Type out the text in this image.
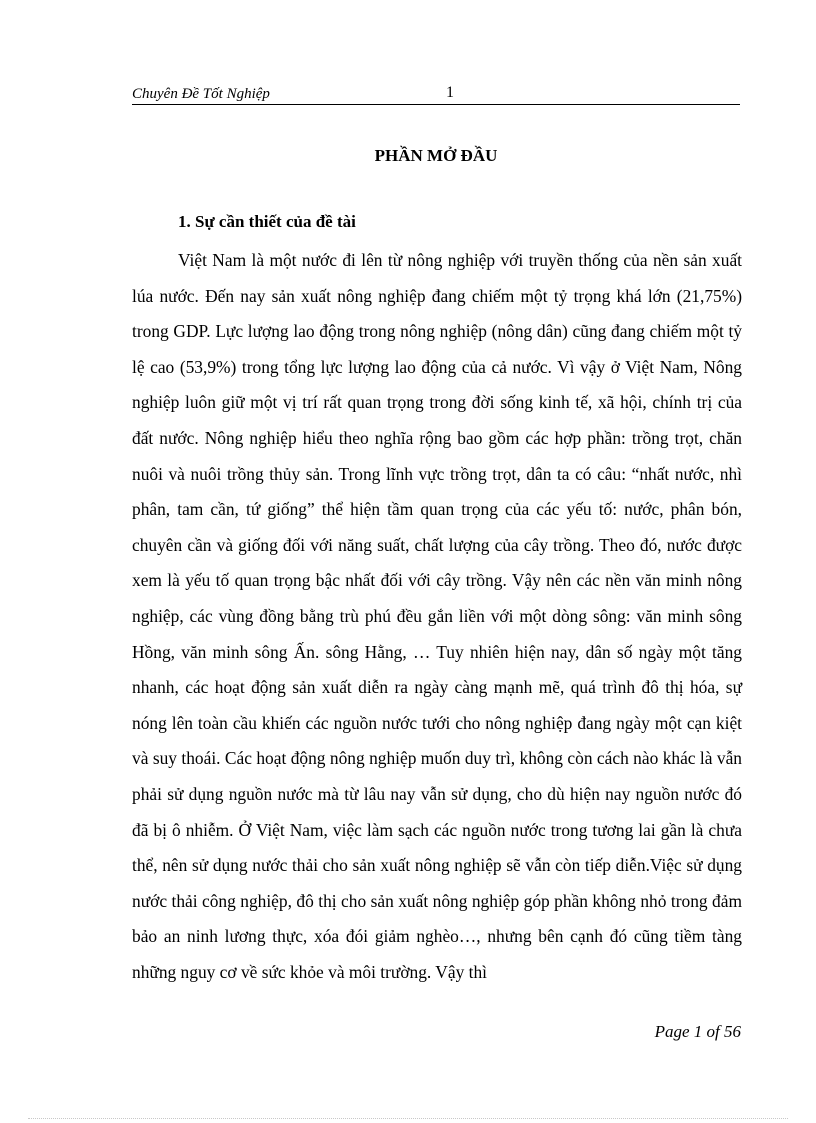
Chuyên Đề Tốt Nghiệp	1
PHẦN MỞ ĐẦU
1. Sự cần thiết của đề tài

Việt Nam là một nước đi lên từ nông nghiệp với truyền thống của nền sản xuất lúa nước. Đến nay sản xuất nông nghiệp đang chiếm một tỷ trọng khá lớn (21,75%) trong GDP. Lực lượng lao động trong nông nghiệp (nông dân) cũng đang chiếm một tỷ lệ cao (53,9%) trong tổng lực lượng lao động của cả nước. Vì vậy ở Việt Nam, Nông nghiệp luôn giữ một vị trí rất quan trọng trong đời sống kinh tế, xã hội, chính trị của đất nước. Nông nghiệp hiểu theo nghĩa rộng bao gồm các hợp phần: trồng trọt, chăn nuôi và nuôi trồng thủy sản. Trong lĩnh vực trồng trọt, dân ta có câu: “nhất nước, nhì phân, tam cần, tứ giống” thể hiện tầm quan trọng của các yếu tố: nước, phân bón, chuyên cần và giống đối với năng suất, chất lượng của cây trồng. Theo đó, nước được xem là yếu tố quan trọng bậc nhất đối với cây trồng. Vậy nên các nền văn minh nông nghiệp, các vùng đồng bằng trù phú đều gắn liền với một dòng sông: văn minh sông Hồng, văn minh sông Ấn. sông Hằng, … Tuy nhiên hiện nay, dân số ngày một tăng nhanh, các hoạt động sản xuất diễn ra ngày càng mạnh mẽ, quá trình đô thị hóa, sự nóng lên toàn cầu khiến các nguồn nước tưới cho nông nghiệp đang ngày một cạn kiệt và suy thoái. Các hoạt động nông nghiệp muốn duy trì, không còn cách nào khác là vẫn phải sử dụng nguồn nước mà từ lâu nay vẫn sử dụng, cho dù hiện nay nguồn nước đó đã bị ô nhiễm. Ở Việt Nam, việc làm sạch các nguồn nước trong tương lai gần là chưa thể, nên sử dụng nước thải cho sản xuất nông nghiệp sẽ vẫn còn tiếp diễn.Việc sử dụng nước thải công nghiệp, đô thị cho sản xuất nông nghiệp góp phần không nhỏ trong đảm bảo an ninh lương thực, xóa đói giảm nghèo…, nhưng bên cạnh đó cũng tiềm tàng những nguy cơ về sức khỏe và môi trường. Vậy thì

Page 1 of 56
